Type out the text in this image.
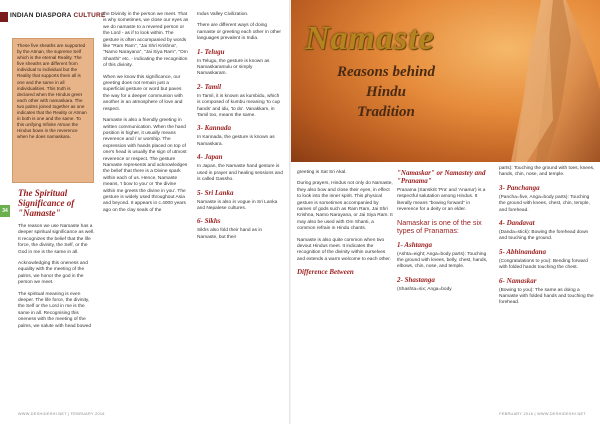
INDIAN DIASPORA CULTURE

These five sheaths are supported by the Atman, the supreme Self which is the eternal Reality. The five sheaths are different from individual to individual but the Reality that supports them all is one and the same in all individualities. This truth is declared when the Hindus greet each other with namaskara. The two palms joined together as one indicates that the Reality or Atman in both is one and the same. To this unifying Infinite Atman the Hindus bows in the reverence when he does namaskara.

34
The Spiritual Significance of "Namaste"

The reason we use Namaste has a deeper spiritual significance as well. It recognizes the belief that the life force, the divinity, the Self, or the God in me is the same in all.

Acknowledging this oneness and equality with the meeting of the palms, we honor the god in the person we meet.

The spiritual meaning is even deeper. The life force, the divinity, the Self or the Lord in me is the same in all. Recognising this oneness with the meeting of the palms, we salute with head bowed

the Divinity in the person we meet. That is why sometimes, we close our eyes as we do namaste to a revered person or the Lord - as if to look within. The gesture is often accompanied by words like "Ram Ram", "Jai Shri Krishna", "Namo Narayana", "Jai Siya Ram", "Om Shanthi" etc. - indicating the recognition of this divinity.

When we know this significance, our greeting does not remain just a superficial gesture or word but paves the way for a deeper communion with another in an atmosphere of love and respect.

Namaste is also a friendly greeting in written communication. When the hand position is higher, it usually means reverence and / or worship. The expression with hands placed on top of one's head is usually the sign of utmost reverence or respect. The gesture Namaste represents and acknowledges the belief that there is a Divine spark within each of us. Hence, Namaste means, 'I bow to you' or 'the divine within me greets the divine in you'. The gesture is widely used throughout Asia and beyond. It appears in c.4000 years ago on the clay seals of the

Indus Valley Civilization.

There are different ways of doing namaste or greeting each other in other languages prevalent in India.

1- Telugu

In Telugu, the gesture is known as Namaskaramulu or simply Namaskaram.

2- Tamil

In Tamil, it is known as kumbidu, which is composed of kumbu meaning 'to cup hands' and idu, 'to do'. Vanakkam, in Tamil too, means the same.

3- Kannada

In Kannada, the gesture is known as Namaskara.

4- Japan

In Japan, the Namaste hand gesture is used in prayer and healing sessions and is called Gassho.

5- Sri Lanka

Namaste is also in vogue in Sri Lanka and Nepalese cultures.

6- Sikhs

Sikhs also fold their hand as in Namaste, but their

WWW.DESHIDESHI.NET | FEBRUARY 2016
Namaste
Reasons behind
Hindu
Tradition

greeting is Sat Sri Akal.

During prayers, Hindus not only do Namaste, they also bow and close their eyes, in effect to look into the inner spirit. This physical gesture is sometimes accompanied by names of gods such as Ram Ram, Jai Shri Krishna, Namo Narayana, or Jai Siya Ram. It may also be used with Om Shanti, a common refrain in Hindu chants.

Namaste is also quite common when two devout Hindus meet. It indicates the recognition of the divinity within ourselves and extends a warm welcome to each other.

Difference Between
"Namaskar" or Namastey and "Pranama"

Pranama (Sanskrit 'Pra' and 'Anama') is a respectful salutation among Hindus. It literally means "bowing forward" in reverence for a deity or an elder.

Namaskar is one of the six types of Pranamas:

1- Ashtanga

(Ashta=eight; Anga=body parts): Touching the ground with knees, belly, chest, hands, elbows, chin, nose, and temple.

2- Shastanga

(Shashta=six; Anga=body

parts): Touching the ground with toes, knees, hands, chin, nose, and temple.

3- Panchanga

(Pancha=five, Anga=body parts): Touching the ground with knees, chest, chin, temple, and forehead.

4- Dandavat

(Danda=stick): Bowing the forehead down and touching the ground.

5- Abhinandana

(Congratulations to you): Bending forward with folded hands touching the chest.

6- Namaskar

(Bowing to you): The same as doing a Namaste with folded hands and touching the forehead.

FEBRUARY 2016 | WWW.DESHIDESHI.NET
